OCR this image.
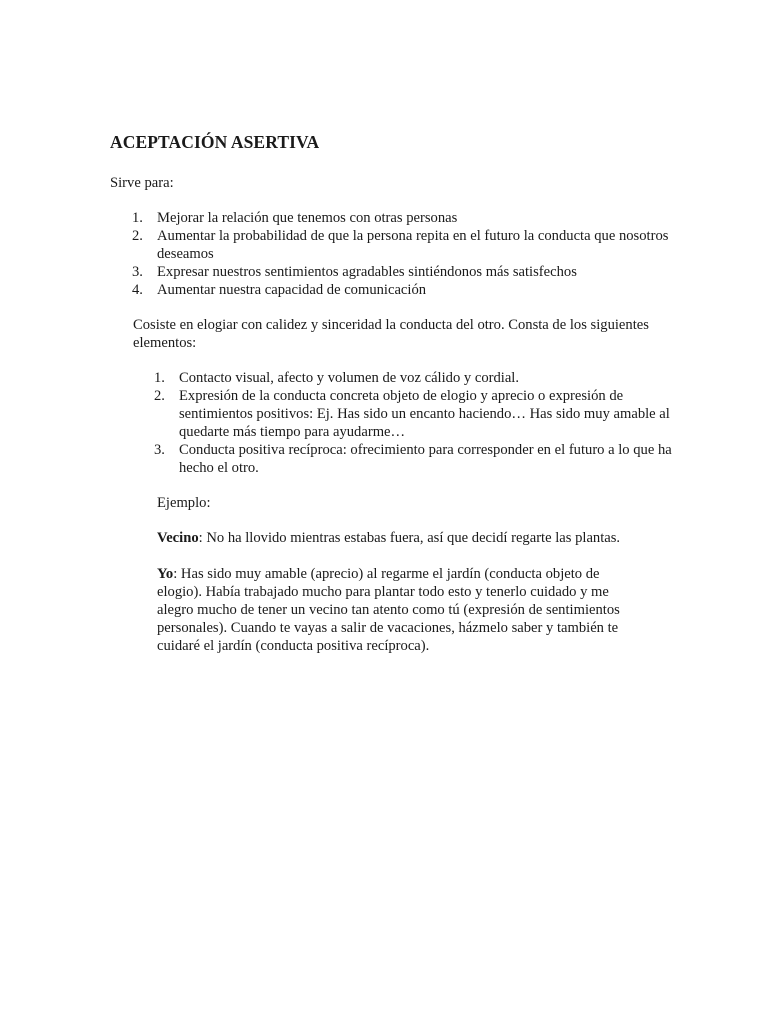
ACEPTACIÓN ASERTIVA

Sirve para:

1. Mejorar la relación que tenemos con otras personas
2. Aumentar la probabilidad de que la persona repita en el futuro la conducta que nosotros deseamos
3. Expresar nuestros sentimientos agradables sintiéndonos más satisfechos
4. Aumentar nuestra capacidad de comunicación

Cosiste en elogiar con calidez y sinceridad la conducta del otro. Consta de los siguientes elementos:

1. Contacto visual, afecto y volumen de voz cálido y cordial.
2. Expresión de la conducta concreta objeto de elogio y aprecio o expresión de sentimientos positivos: Ej. Has sido un encanto haciendo… Has sido muy amable al quedarte más tiempo para ayudarme…
3. Conducta positiva recíproca: ofrecimiento para corresponder en el futuro a lo que ha hecho el otro.

Ejemplo:

Vecino: No ha llovido mientras estabas fuera, así que decidí regarte las plantas.

Yo: Has sido muy amable (aprecio) al regarme el jardín (conducta objeto de elogio). Había trabajado mucho para plantar todo esto y tenerlo cuidado y me alegro mucho de tener un vecino tan atento como tú (expresión de sentimientos personales). Cuando te vayas a salir de vacaciones, házmelo saber y también te cuidaré el jardín (conducta positiva recíproca).
